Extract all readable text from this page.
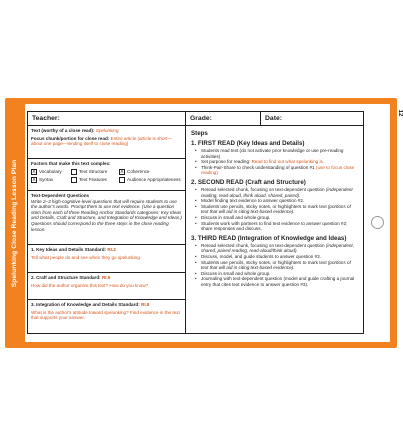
Spelunking Close Reading Lesson Plan
12
Teacher:	Grade:	Date:
Text (worthy of a close read): Spelunking
Focus chunk/portion for close read: Entire article (article is short—about one page—lending itself to close reading)
Factors that make this text complex:
X Vocabulary	Text Structure	X Coherence
X Syntax	Text Features	Audience Appropriateness
Text-Dependent Questions
Write 2–3 high-cognitive-level questions that will require students to use the author's words. Prompt them to use text evidence. (Use a question stem from each of three Reading Anchor Standards categories: Key Ideas and Details, Craft and Structure, and Integration of Knowledge and Ideas.) Questions should correspond to the three steps in the close reading lesson.
1. Key Ideas and Details Standard: RI.2
Tell what people do and see when they go spelunking.
2. Craft and Structure Standard: RI.5
How did the author organize this text? How do you know?
3. Integration of Knowledge and Details Standard: RI.8
What is the author's attitude toward spelunking? Find evidence in the text that supports your answer.
Steps
1. FIRST READ (Key Ideas and Details)
• Students read text (do not activate prior knowledge or use pre-reading activities)
• Set purpose for reading: Read to find out what spelunking is.
• Think-Pair-Share to check understanding of question #1 (use to focus close reading)
2. SECOND READ (Craft and Structure)
• Reread selected chunk, focusing on text-dependent question (independent reading, read-aloud, think aloud, shared, paired).
• Model finding text evidence to answer question #2.
• Students use pencils, sticky notes, or highlighters to mark text (portions of text that will aid in citing text-based evidence).
• Discuss in small and whole group.
• Students work with partners to find text evidence to answer question #2; share responses and discuss.
3. THIRD READ (Integration of Knowledge and Ideas)
• Reread selected chunk, focusing on text-dependent question (independent, shared, paired reading, read-aloud/think aloud).
• Discuss, model, and guide students to answer question #3.
• Students use pencils, sticky notes, or highlighters to mark text (portions of text that will aid in citing text-based evidence).
• Discuss in small and whole group.
• Journaling with text-dependent question (model and guide crafting a journal entry that cites text evidence to answer question #3).
